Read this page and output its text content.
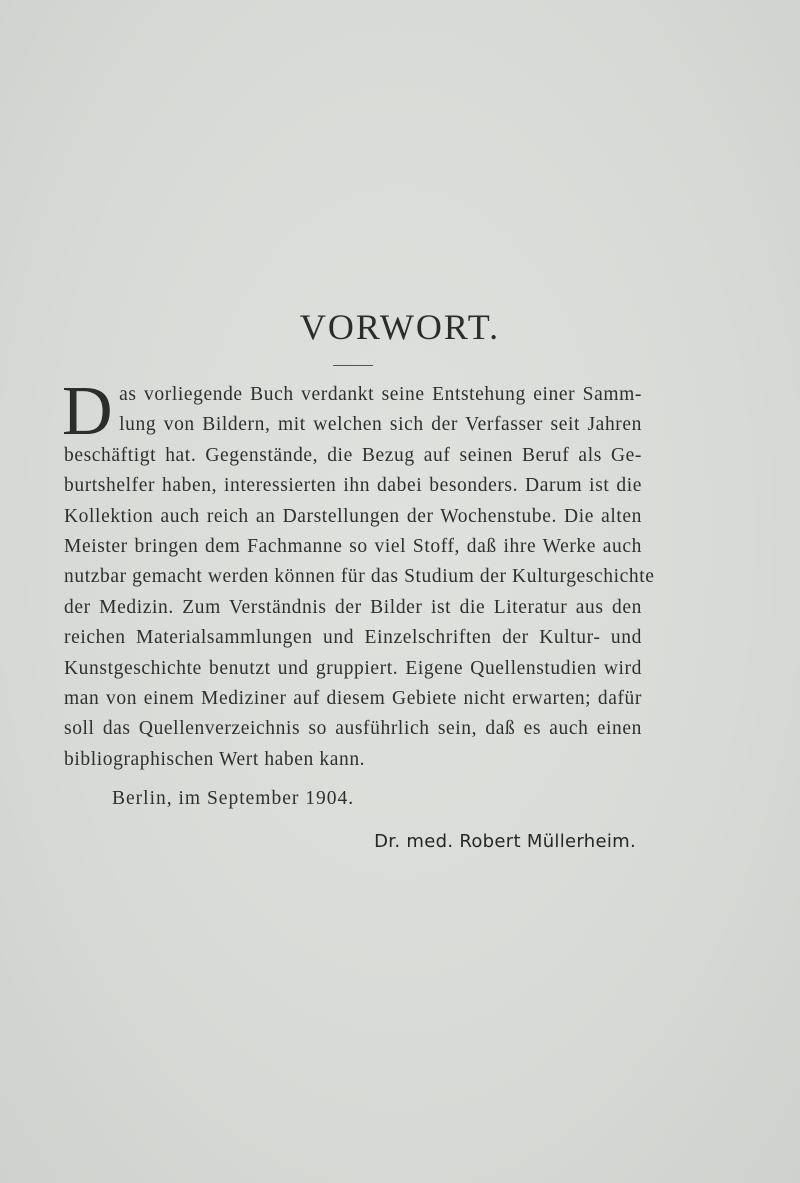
VORWORT.
D as vorliegende Buch verdankt seine Entstehung einer Samm-
lung von Bildern, mit welchen sich der Verfasser seit Jahren
beschäftigt hat. Gegenstände, die Bezug auf seinen Beruf als Ge-
burtshelfer haben, interessierten ihn dabei besonders. Darum ist die
Kollektion auch reich an Darstellungen der Wochenstube. Die alten
Meister bringen dem Fachmanne so viel Stoff, daß ihre Werke auch
nutzbar gemacht werden können für das Studium der Kulturgeschichte
der Medizin. Zum Verständnis der Bilder ist die Literatur aus den
reichen Materialsammlungen und Einzelschriften der Kultur- und
Kunstgeschichte benutzt und gruppiert. Eigene Quellenstudien wird
man von einem Mediziner auf diesem Gebiete nicht erwarten; dafür
soll das Quellenverzeichnis so ausführlich sein, daß es auch einen
bibliographischen Wert haben kann.
Berlin, im September 1904.
Dr. med. Robert Müllerheim.
